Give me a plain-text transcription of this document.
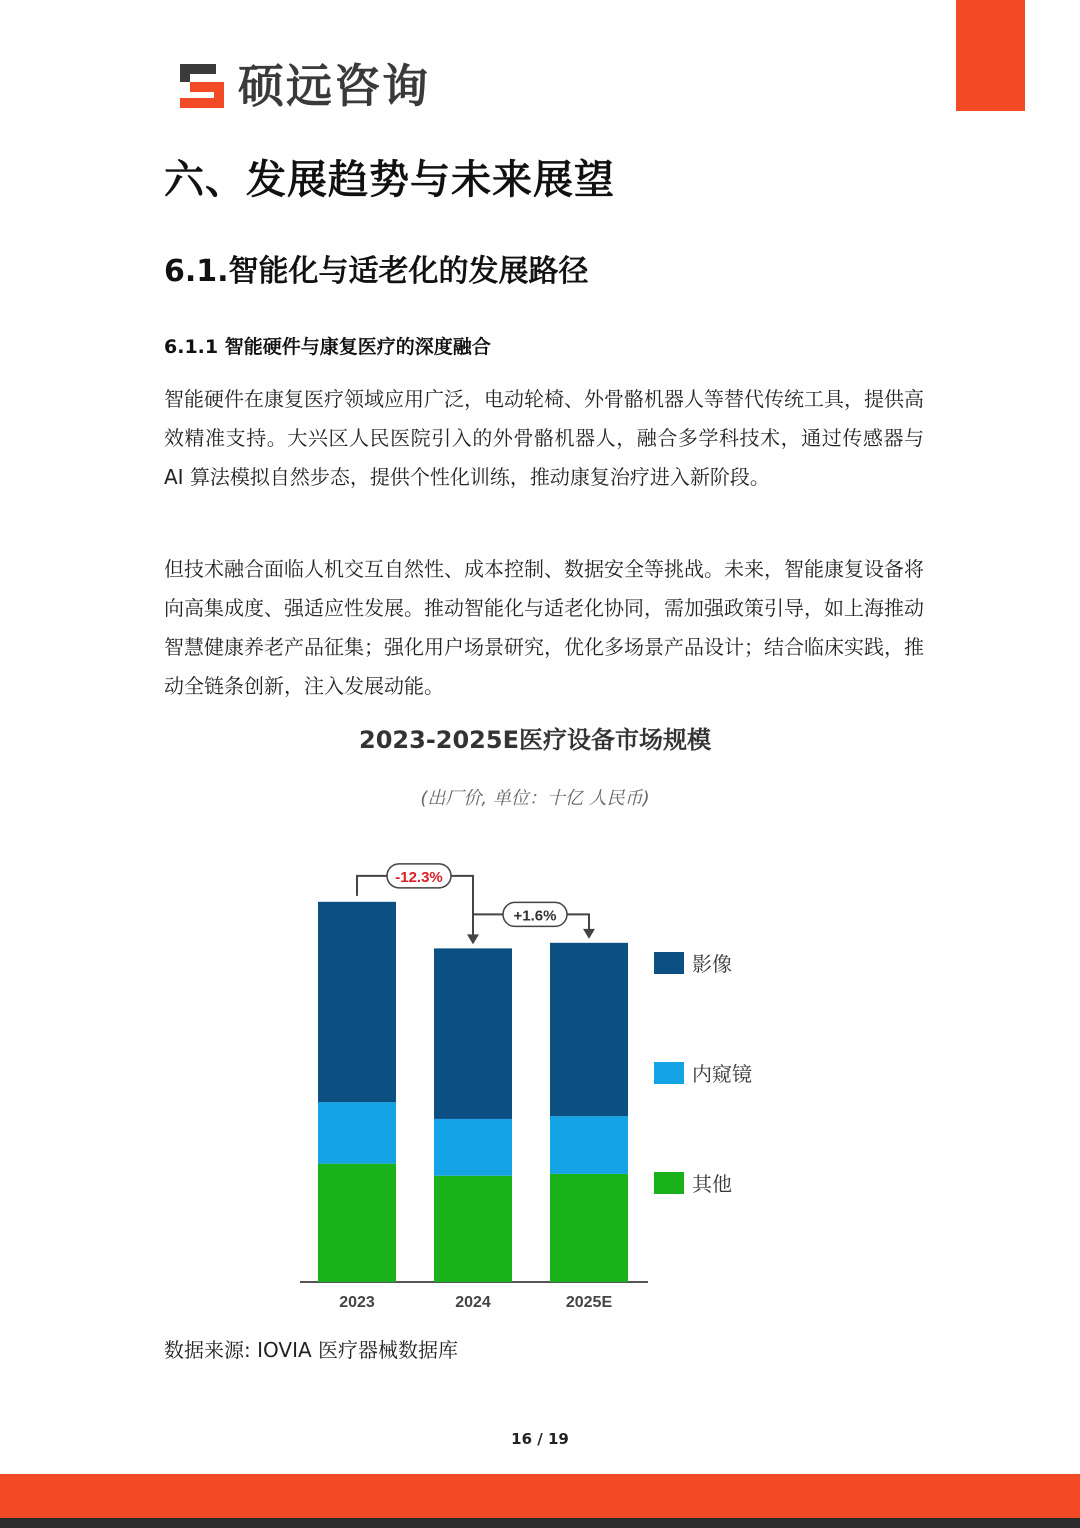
硕远咨询
六、发展趋势与未来展望
6.1.智能化与适老化的发展路径
6.1.1 智能硬件与康复医疗的深度融合

智能硬件在康复医疗领域应用广泛，电动轮椅、外骨骼机器人等替代传统工具，提供高效精准支持。大兴区人民医院引入的外骨骼机器人，融合多学科技术，通过传感器与 AI 算法模拟自然步态，提供个性化训练，推动康复治疗进入新阶段。

但技术融合面临人机交互自然性、成本控制、数据安全等挑战。未来，智能康复设备将向高集成度、强适应性发展。推动智能化与适老化协同，需加强政策引导，如上海推动智慧健康养老产品征集；强化用户场景研究，优化多场景产品设计；结合临床实践，推动全链条创新，注入发展动能。

2023-2025E医疗设备市场规模
(出厂价, 单位：十亿 人民币)
2023	2024	2025E
-12.3%
+1.6%
影像
内窥镜
其他
数据来源: IOVIA 医疗器械数据库
16 / 19
